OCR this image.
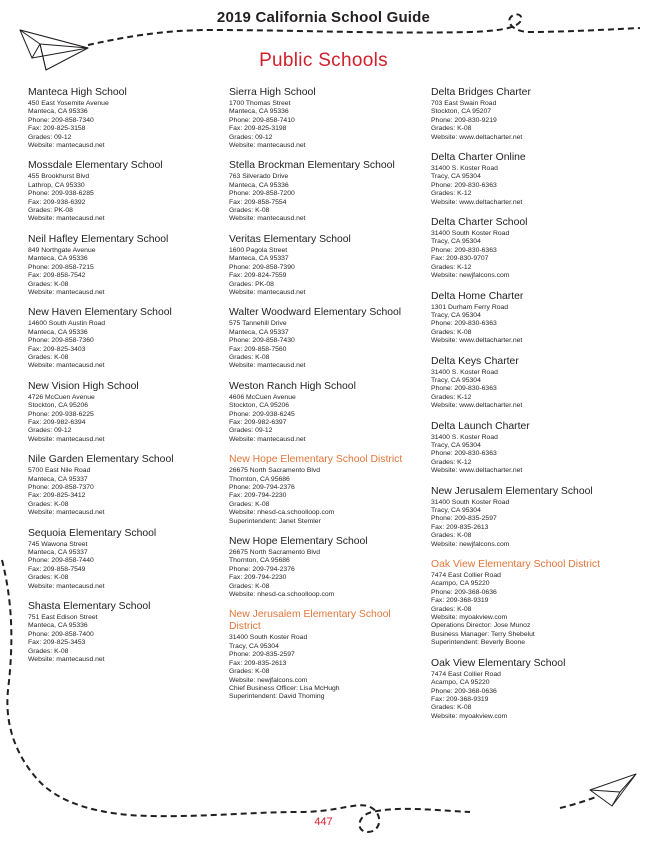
2019 California School Guide
Public Schools
Manteca High School
450 East Yosemite Avenue
Manteca, CA 95336
Phone: 209-858-7340
Fax: 209-825-3158
Grades: 09-12
Website: mantecausd.net
Mossdale Elementary School
455 Brookhurst Blvd
Lathrop, CA 95330
Phone: 209-938-6285
Fax: 209-938-6392
Grades: PK-08
Website: mantecausd.net
Neil Hafley Elementary School
849 Northgate Avenue
Manteca, CA 95336
Phone: 209-858-7215
Fax: 209-858-7542
Grades: K-08
Website: mantecausd.net
New Haven Elementary School
14600 South Austin Road
Manteca, CA 95336
Phone: 209-858-7360
Fax: 209-825-3403
Grades: K-08
Website: mantecausd.net
New Vision High School
4726 McCuen Avenue
Stockton, CA 95206
Phone: 209-938-6225
Fax: 209-982-6394
Grades: 09-12
Website: mantecausd.net
Nile Garden Elementary School
5700 East Nile Road
Manteca, CA 95337
Phone: 209-858-7370
Fax: 209-825-3412
Grades: K-08
Website: mantecausd.net
Sequoia Elementary School
745 Wawona Street
Manteca, CA 95337
Phone: 209-858-7440
Fax: 209-858-7549
Grades: K-08
Website: mantecausd.net
Shasta Elementary School
751 East Edison Street
Manteca, CA 95336
Phone: 209-858-7400
Fax: 209-825-3453
Grades: K-08
Website: mantecausd.net
Sierra High School
1700 Thomas Street
Manteca, CA 95336
Phone: 209-858-7410
Fax: 209-825-3198
Grades: 09-12
Website: mantecausd.net
Stella Brockman Elementary School
763 Silverado Drive
Manteca, CA 95336
Phone: 209-858-7200
Fax: 209-858-7554
Grades: K-08
Website: mantecausd.net
Veritas Elementary School
1600 Pagola Street
Manteca, CA 95337
Phone: 209-858-7390
Fax: 209-824-7559
Grades: PK-08
Website: mantecausd.net
Walter Woodward Elementary School
575 Tannehill Drive
Manteca, CA 95337
Phone: 209-858-7430
Fax: 209-858-7560
Grades: K-08
Website: mantecausd.net
Weston Ranch High School
4606 McCuen Avenue
Stockton, CA 95206
Phone: 209-938-6245
Fax: 209-982-6397
Grades: 09-12
Website: mantecausd.net
New Hope Elementary School District
26675 North Sacramento Blvd
Thornton, CA 95686
Phone: 209-794-2376
Fax: 209-794-2230
Grades: K-08
Website: nhesd-ca.schoolloop.com
Superintendent: Janet Stemler
New Hope Elementary School
26675 North Sacramento Blvd
Thornton, CA 95686
Phone: 209-794-2376
Fax: 209-794-2230
Grades: K-08
Website: nhesd-ca.schoolloop.com
New Jerusalem Elementary School District
31400 South Koster Road
Tracy, CA 95304
Phone: 209-835-2597
Fax: 209-835-2613
Grades: K-08
Website: newjfalcons.com
Chief Business Officer: Lisa McHugh
Superintendent: David Thoming
Delta Bridges Charter
703 East Swain Road
Stockton, CA 95207
Phone: 209-830-9219
Grades: K-08
Website: www.deltacharter.net
Delta Charter Online
31400 S. Koster Road
Tracy, CA 95304
Phone: 209-830-6363
Grades: K-12
Website: www.deltacharter.net
Delta Charter School
31400 South Koster Road
Tracy, CA 95304
Phone: 209-830-6363
Fax: 209-830-9707
Grades: K-12
Website: newjfalcons.com
Delta Home Charter
1301 Durham Ferry Road
Tracy, CA 95304
Phone: 209-830-6363
Grades: K-08
Website: www.deltacharter.net
Delta Keys Charter
31400 S. Koster Road
Tracy, CA 95304
Phone: 209-830-6363
Grades: K-12
Website: www.deltacharter.net
Delta Launch Charter
31400 S. Koster Road
Tracy, CA 95304
Phone: 209-830-6363
Grades: K-12
Website: www.deltacharter.net
New Jerusalem Elementary School
31400 South Koster Road
Tracy, CA 95304
Phone: 209-835-2597
Fax: 209-835-2613
Grades: K-08
Website: newjfalcons.com
Oak View Elementary School District
7474 East Collier Road
Acampo, CA 95220
Phone: 209-368-0636
Fax: 209-368-9319
Grades: K-08
Website: myoakview.com
Operations Director: Jose Munoz
Business Manager: Terry Shebelut
Superintendent: Beverly Boone
Oak View Elementary School
7474 East Collier Road
Acampo, CA 95220
Phone: 209-368-0636
Fax: 209-368-9319
Grades: K-08
Website: myoakview.com
447
